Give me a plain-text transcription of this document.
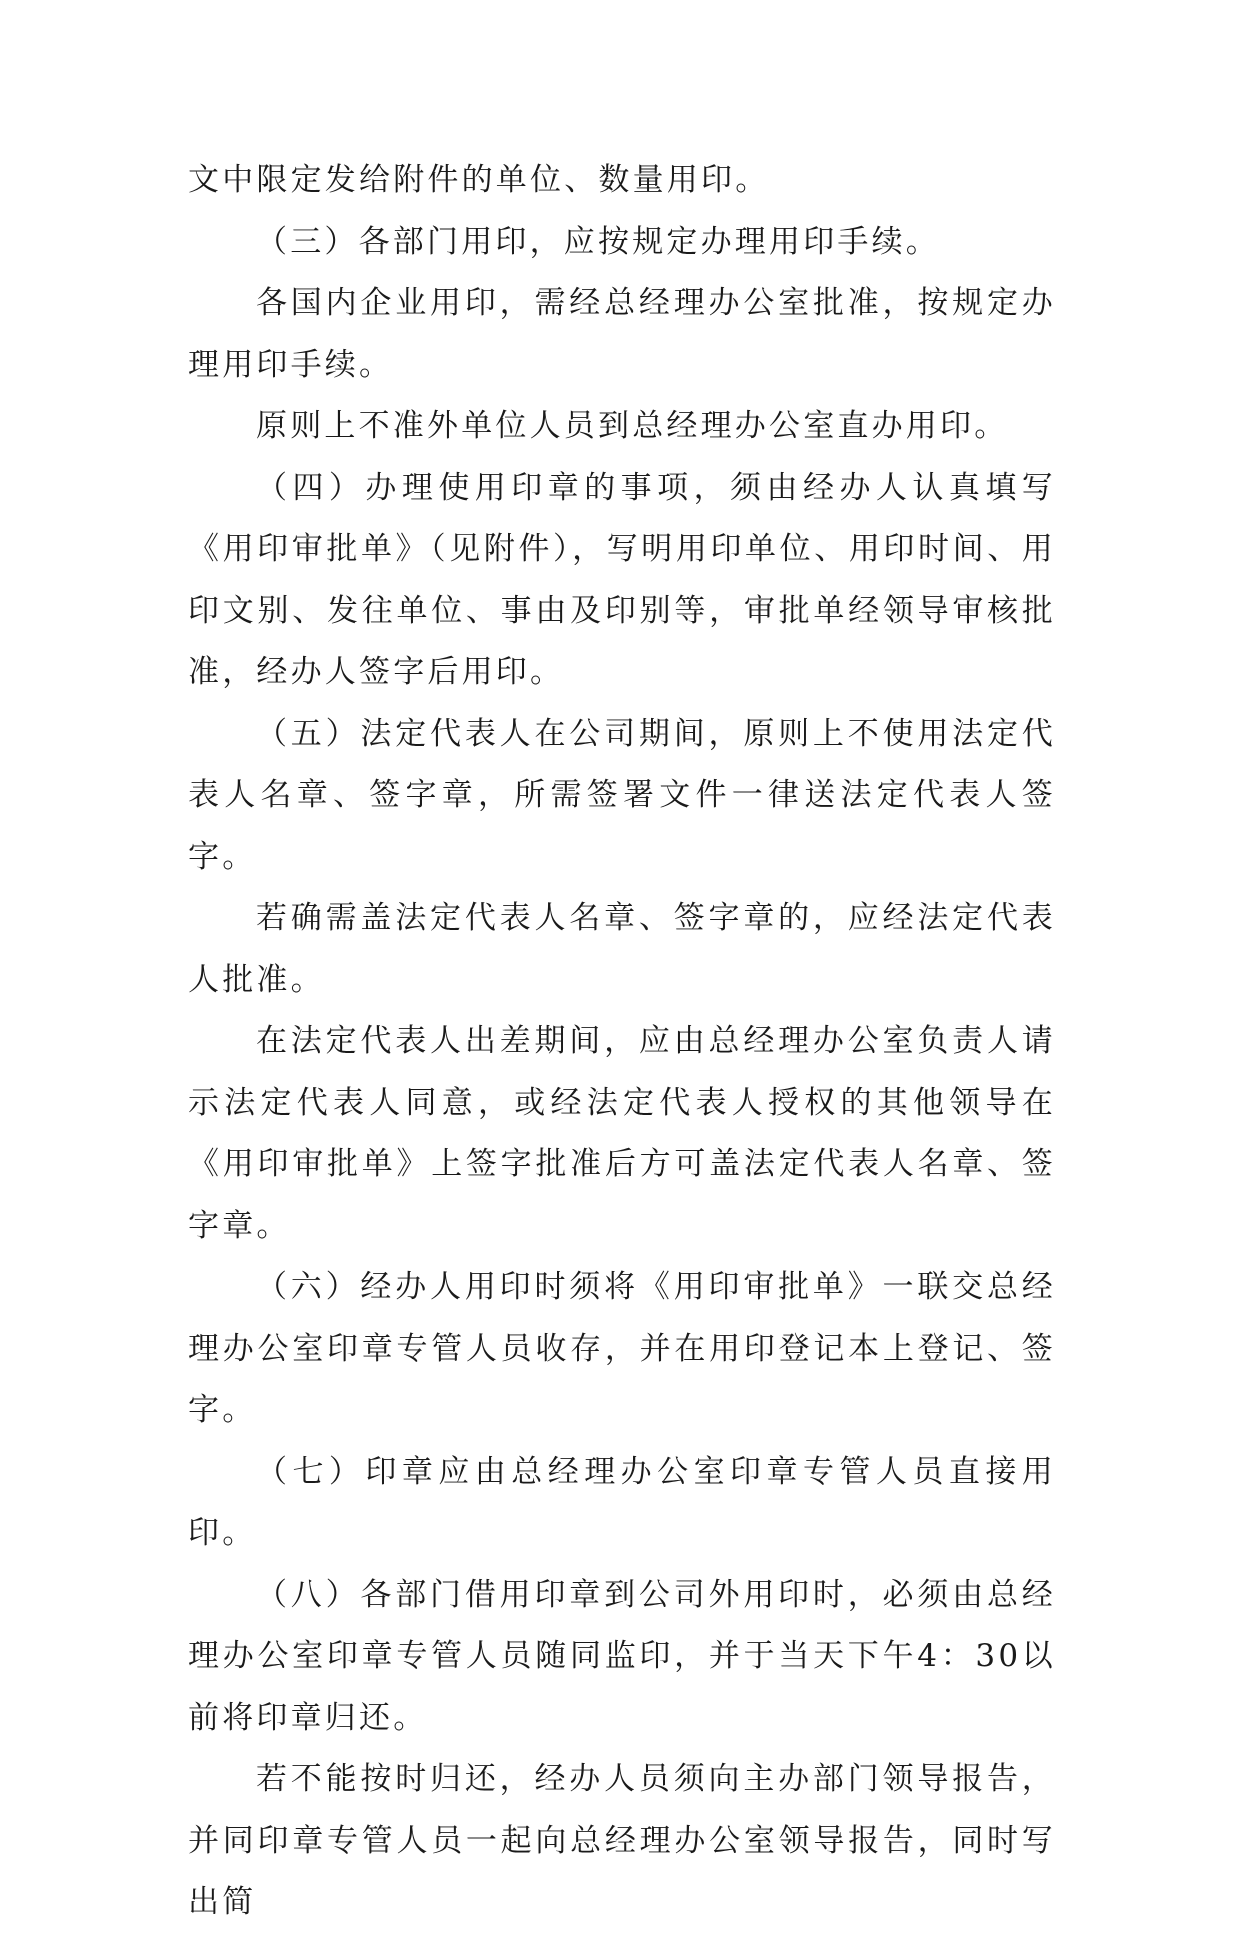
文中限定发给附件的单位、数量用印。

（三）各部门用印，应按规定办理用印手续。

各国内企业用印，需经总经理办公室批准，按规定办理用印手续。

原则上不准外单位人员到总经理办公室直办用印。

（四）办理使用印章的事项，须由经办人认真填写《用印审批单》（见附件），写明用印单位、用印时间、用印文别、发往单位、事由及印别等，审批单经领导审核批准，经办人签字后用印。

（五）法定代表人在公司期间，原则上不使用法定代表人名章、签字章，所需签署文件一律送法定代表人签字。

若确需盖法定代表人名章、签字章的，应经法定代表人批准。

在法定代表人出差期间，应由总经理办公室负责人请示法定代表人同意，或经法定代表人授权的其他领导在《用印审批单》上签字批准后方可盖法定代表人名章、签字章。

（六）经办人用印时须将《用印审批单》一联交总经理办公室印章专管人员收存，并在用印登记本上登记、签字。

（七）印章应由总经理办公室印章专管人员直接用印。

（八）各部门借用印章到公司外用印时，必须由总经理办公室印章专管人员随同监印，并于当天下午4：30以前将印章归还。

若不能按时归还，经办人员须向主办部门领导报告，并同印章专管人员一起向总经理办公室领导报告，同时写出简
